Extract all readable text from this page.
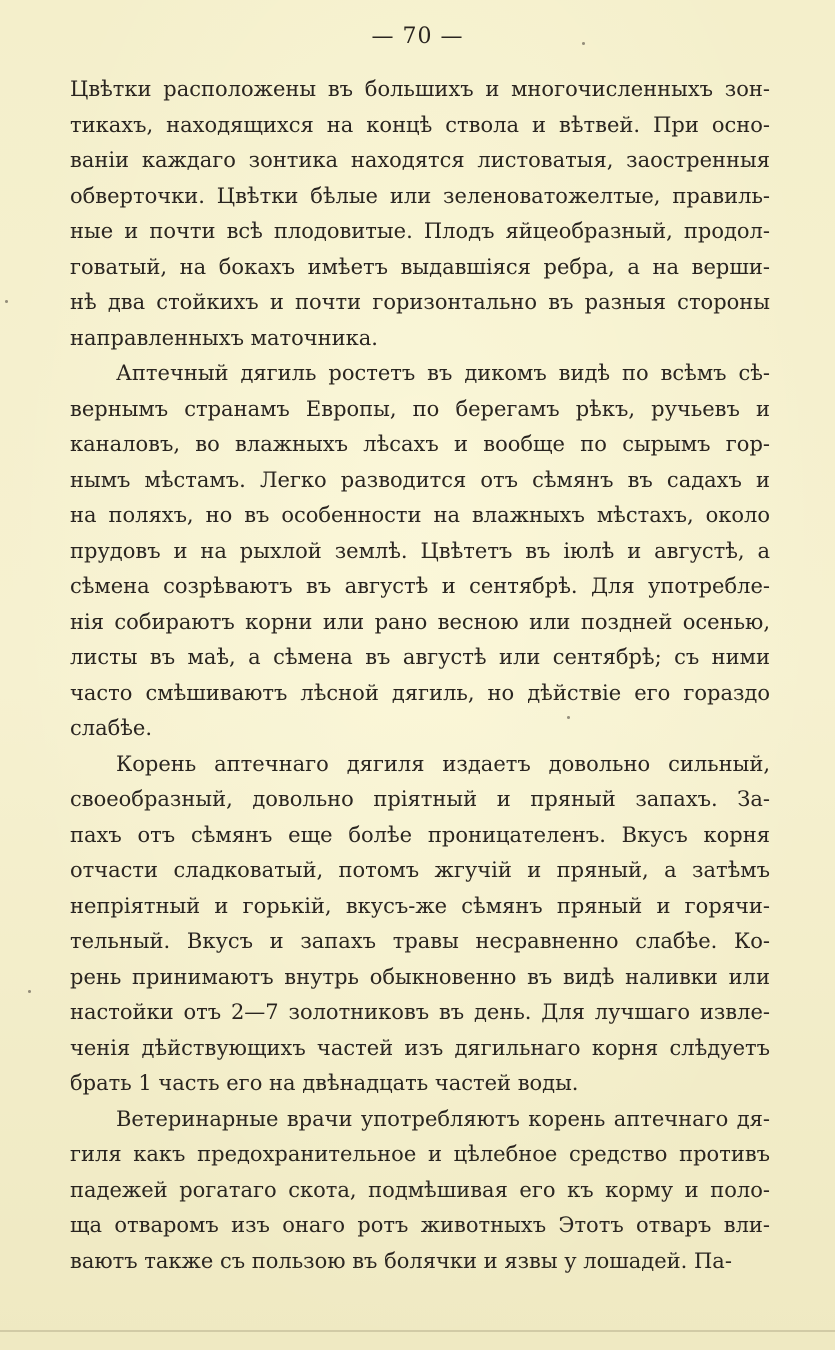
— 70 —
Цвѣтки расположены въ большихъ и многочисленныхъ зон-
тикахъ, находящихся на концѣ ствола и вѣтвей. При осно-
ванiи каждаго зонтика находятся листоватыя, заостренныя
обверточки. Цвѣтки бѣлые или зеленоватожелтые, правиль-
ные и почти всѣ плодовитые. Плодъ яйцеобразный, продол-
говатый, на бокахъ имѣетъ выдавшiяся ребра, а на верши-
нѣ два стойкихъ и почти горизонтально въ разныя стороны
направленныхъ маточника.
Аптечный дягиль ростетъ въ дикомъ видѣ по всѣмъ сѣ-
вернымъ странамъ Европы, по берегамъ рѣкъ, ручьевъ и
каналовъ, во влажныхъ лѣсахъ и вообще по сырымъ гор-
нымъ мѣстамъ. Легко разводится отъ сѣмянъ въ садахъ и
на поляхъ, но въ особенности на влажныхъ мѣстахъ, около
прудовъ и на рыхлой землѣ. Цвѣтетъ въ iюлѣ и августѣ, а
сѣмена созрѣваютъ въ августѣ и сентябрѣ. Для употребле-
нiя собираютъ корни или рано весною или поздней осенью,
листы въ маѣ, а сѣмена въ августѣ или сентябрѣ; съ ними
часто смѣшиваютъ лѣсной дягиль, но дѣйствiе его гораздо
слабѣе.
Корень аптечнаго дягиля издаетъ довольно сильный,
своеобразный, довольно прiятный и пряный запахъ. За-
пахъ отъ сѣмянъ еще болѣе проницателенъ. Вкусъ корня
отчасти сладковатый, потомъ жгучiй и пряный, а затѣмъ
непрiятный и горькiй, вкусъ-же сѣмянъ пряный и горячи-
тельный. Вкусъ и запахъ травы несравненно слабѣе. Ко-
рень принимаютъ внутрь обыкновенно въ видѣ наливки или
настойки отъ 2—7 золотниковъ въ день. Для лучшаго извле-
ченiя дѣйствующихъ частей изъ дягильнаго корня слѣдуетъ
брать 1 часть его на двѣнадцать частей воды.
Ветеринарные врачи употребляютъ корень аптечнаго дя-
гиля какъ предохранительное и цѣлебное средство противъ
падежей рогатаго скота, подмѣшивая его къ корму и поло-
ща отваромъ изъ онаго ротъ животныхъ Этотъ отваръ вли-
ваютъ также съ пользою въ болячки и язвы у лошадей. Па-
